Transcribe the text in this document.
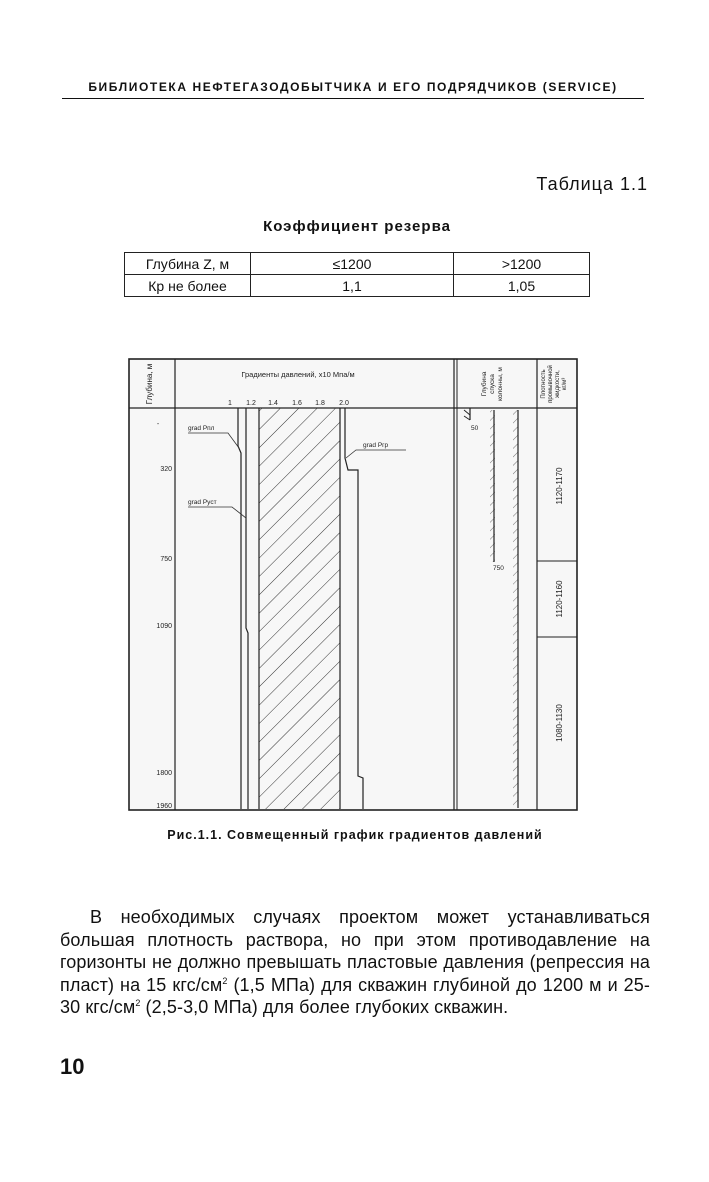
БИБЛИОТЕКА НЕФТЕГАЗОДОБЫТЧИКА И ЕГО ПОДРЯДЧИКОВ (SERVICE)
Таблица 1.1
Коэффициент резерва
Глубина Z, м	≤1200	>1200
Кр не более	1,1	1,05
Глубина, м	Градиенты давлений, х10 Мпа/м	Глубина спуска колонны, м	Плотность промывочной жидкости, кг/м³
1 1.2 1.4 1.6 1.8 2.0
320
750
1090
1800
1960
-
grad Pпл
grad Pгр
grad Pуст
50
750
1120-1170
1120-1160
1080-1130
Рис.1.1. Совмещенный график градиентов давлений

В необходимых случаях проектом может устанавливаться большая плотность раствора, но при этом противодавление на горизонты не должно превышать пластовые давления (репрессия на пласт) на 15 кгс/$см^2$ (1,5 МПа) для скважин глубиной до 1200 м и 25-30 кгс/$см^2$ (2,5-3,0 МПа) для более глубоких скважин.

10
